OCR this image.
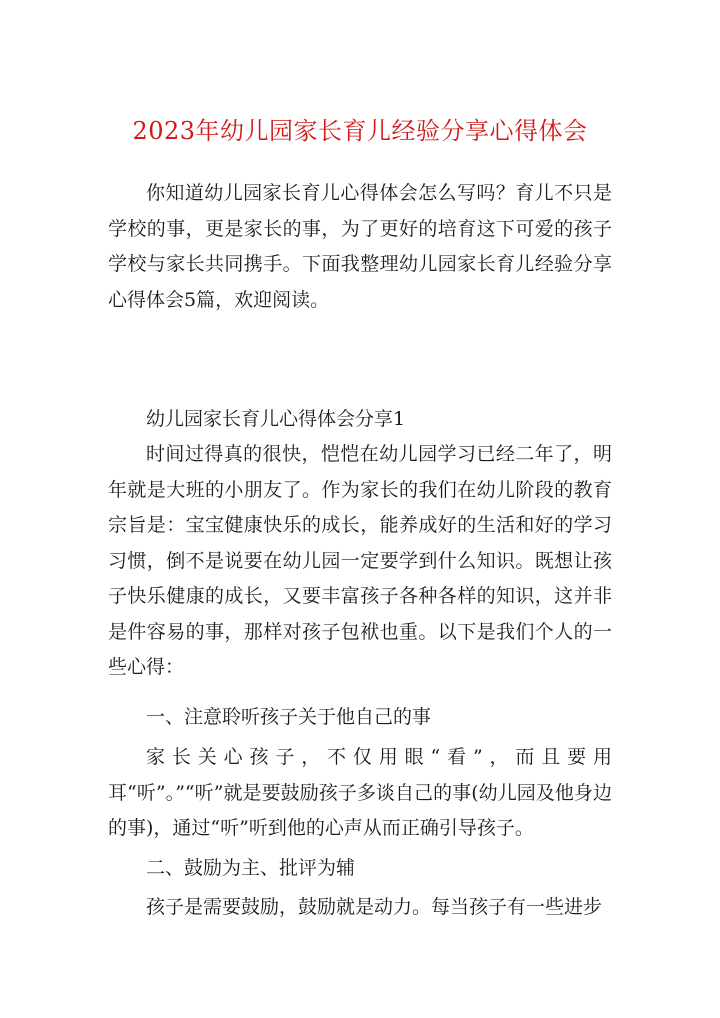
2023年幼儿园家长育儿经验分享心得体会

你知道幼儿园家长育儿心得体会怎么写吗？育儿不只是学校的事，更是家长的事，为了更好的培育这下可爱的孩子学校与家长共同携手。下面我整理幼儿园家长育儿经验分享心得体会5篇，欢迎阅读。

幼儿园家长育儿心得体会分享1

时间过得真的很快，恺恺在幼儿园学习已经二年了，明年就是大班的小朋友了。作为家长的我们在幼儿阶段的教育宗旨是：宝宝健康快乐的成长，能养成好的生活和好的学习习惯，倒不是说要在幼儿园一定要学到什么知识。既想让孩子快乐健康的成长，又要丰富孩子各种各样的知识，这并非是件容易的事，那样对孩子包袱也重。以下是我们个人的一些心得：

一、注意聆听孩子关于他自己的事

家长关心孩子，不仅用眼“看”，而且要用耳“听”。”“听”就是要鼓励孩子多谈自己的事(幼儿园及他身边的事)，通过“听”听到他的心声从而正确引导孩子。

二、鼓励为主、批评为辅

孩子是需要鼓励，鼓励就是动力。每当孩子有一些进步
